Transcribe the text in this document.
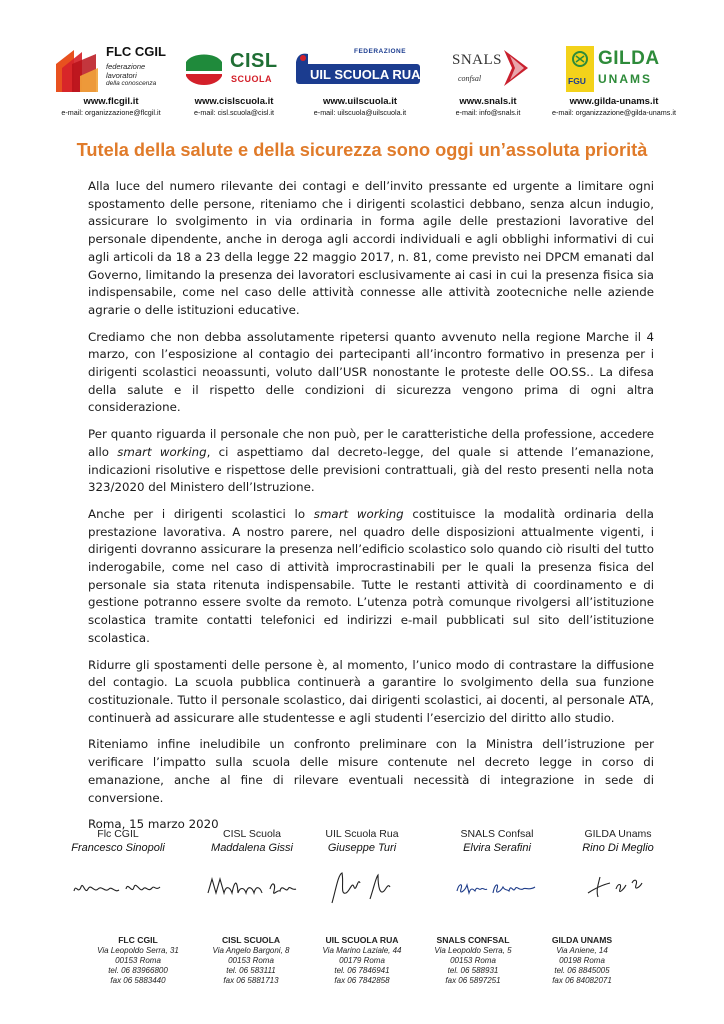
FLC CGIL
federazione
lavoratori
della conoscenza
CISL
SCUOLA
FEDERAZIONE
UIL SCUOLA RUA
SNALS
confsal	FGU
GILDA
UNAMS
www.flcgil.it
e-mail: organizzazione@flcgil.it
www.cislscuola.it
e-mail: cisl.scuola@cisl.it
www.uilscuola.it
e-mail: uilscuola@uilscuola.it
www.snals.it
e-mail: info@snals.it
www.gilda-unams.it
e-mail: organizzazione@gilda-unams.it
Tutela della salute e della sicurezza sono oggi un’assoluta priorità

Alla luce del numero rilevante dei contagi e dell’invito pressante ed urgente a limitare ogni spostamento delle persone, riteniamo che i dirigenti scolastici debbano, senza alcun indugio, assicurare lo svolgimento in via ordinaria in forma agile delle prestazioni lavorative del personale dipendente, anche in deroga agli accordi individuali e agli obblighi informativi di cui agli articoli da 18 a 23 della legge 22 maggio 2017, n. 81, come previsto nei DPCM emanati dal Governo, limitando la presenza dei lavoratori esclusivamente ai casi in cui la presenza fisica sia indispensabile, come nel caso delle attività connesse alle attività zootecniche nelle aziende agrarie o delle istituzioni educative.

Crediamo che non debba assolutamente ripetersi quanto avvenuto nella regione Marche il 4 marzo, con l’esposizione al contagio dei partecipanti all’incontro formativo in presenza per i dirigenti scolastici neoassunti, voluto dall’USR nonostante le proteste delle OO.SS.. La difesa della salute e il rispetto delle condizioni di sicurezza vengono prima di ogni altra considerazione.

Per quanto riguarda il personale che non può, per le caratteristiche della professione, accedere allo smart working, ci aspettiamo dal decreto-legge, del quale si attende l’emanazione, indicazioni risolutive e rispettose delle previsioni contrattuali, già del resto presenti nella nota 323/2020 del Ministero dell’Istruzione.

Anche per i dirigenti scolastici lo smart working costituisce la modalità ordinaria della prestazione lavorativa. A nostro parere, nel quadro delle disposizioni attualmente vigenti, i dirigenti dovranno assicurare la presenza nell’edificio scolastico solo quando ciò risulti del tutto inderogabile, come nel caso di attività improcrastinabili per le quali la presenza fisica del personale sia stata ritenuta indispensabile. Tutte le restanti attività di coordinamento e di gestione potranno essere svolte da remoto. L’utenza potrà comunque rivolgersi all’istituzione scolastica tramite contatti telefonici ed indirizzi e-mail pubblicati sul sito dell’istituzione scolastica.

Ridurre gli spostamenti delle persone è, al momento, l’unico modo di contrastare la diffusione del contagio. La scuola pubblica continuerà a garantire lo svolgimento della sua funzione costituzionale. Tutto il personale scolastico, dai dirigenti scolastici, ai docenti, al personale ATA, continuerà ad assicurare alle studentesse e agli studenti l’esercizio del diritto allo studio.

Riteniamo infine ineludibile un confronto preliminare con la Ministra dell’istruzione per verificare l’impatto sulla scuola delle misure contenute nel decreto legge in corso di emanazione, anche al fine di rilevare eventuali necessità di integrazione in sede di conversione.

Roma, 15 marzo 2020

Flc CGIL
Francesco Sinopoli
CISL Scuola
Maddalena Gissi
UIL Scuola Rua
Giuseppe Turi
SNALS Confsal
Elvira Serafini
GILDA Unams
Rino Di Meglio
FLC CGIL
Via Leopoldo Serra, 31
00153 Roma
tel. 06 83966800
fax 06 5883440
CISL SCUOLA
Via Angelo Bargoni, 8
00153 Roma
tel. 06 583111
fax 06 5881713
UIL SCUOLA RUA
Via Marino Laziale, 44
00179 Roma
tel. 06 7846941
fax 06 7842858
SNALS CONFSAL
Via Leopoldo Serra, 5
00153 Roma
tel. 06 588931
fax 06 5897251
GILDA UNAMS
Via Aniene, 14
00198 Roma
tel. 06 8845005
fax 06 84082071
